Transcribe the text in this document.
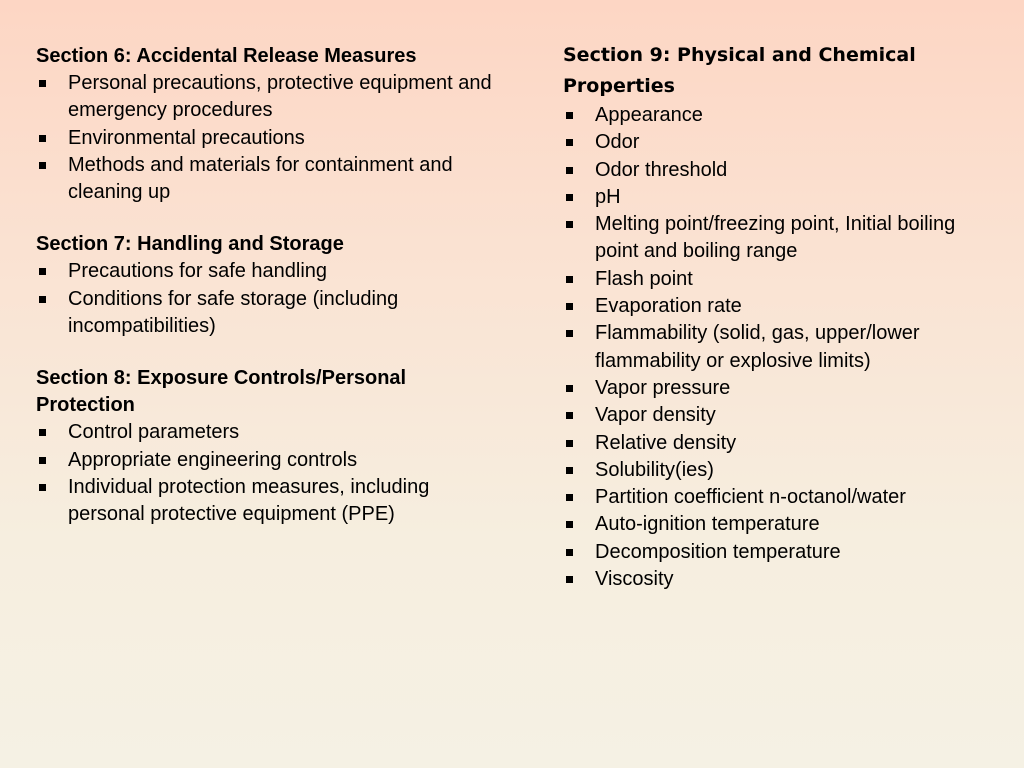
Section 6: Accidental Release Measures

Personal precautions, protective equipment and emergency procedures
Environmental precautions
Methods and materials for containment and cleaning up

Section 7: Handling and Storage

Precautions for safe handling
Conditions for safe storage (including incompatibilities)

Section 8: Exposure Controls/Personal Protection

Control parameters
Appropriate engineering controls
Individual protection measures, including personal protective equipment (PPE)

Section 9: Physical and Chemical Properties

Appearance
Odor
Odor threshold
pH
Melting point/freezing point, Initial boiling point and boiling range
Flash point
Evaporation rate
Flammability (solid, gas, upper/lower flammability or explosive limits)
Vapor pressure
Vapor density
Relative density
Solubility(ies)
Partition coefficient n-octanol/water
Auto-ignition temperature
Decomposition temperature
Viscosity
